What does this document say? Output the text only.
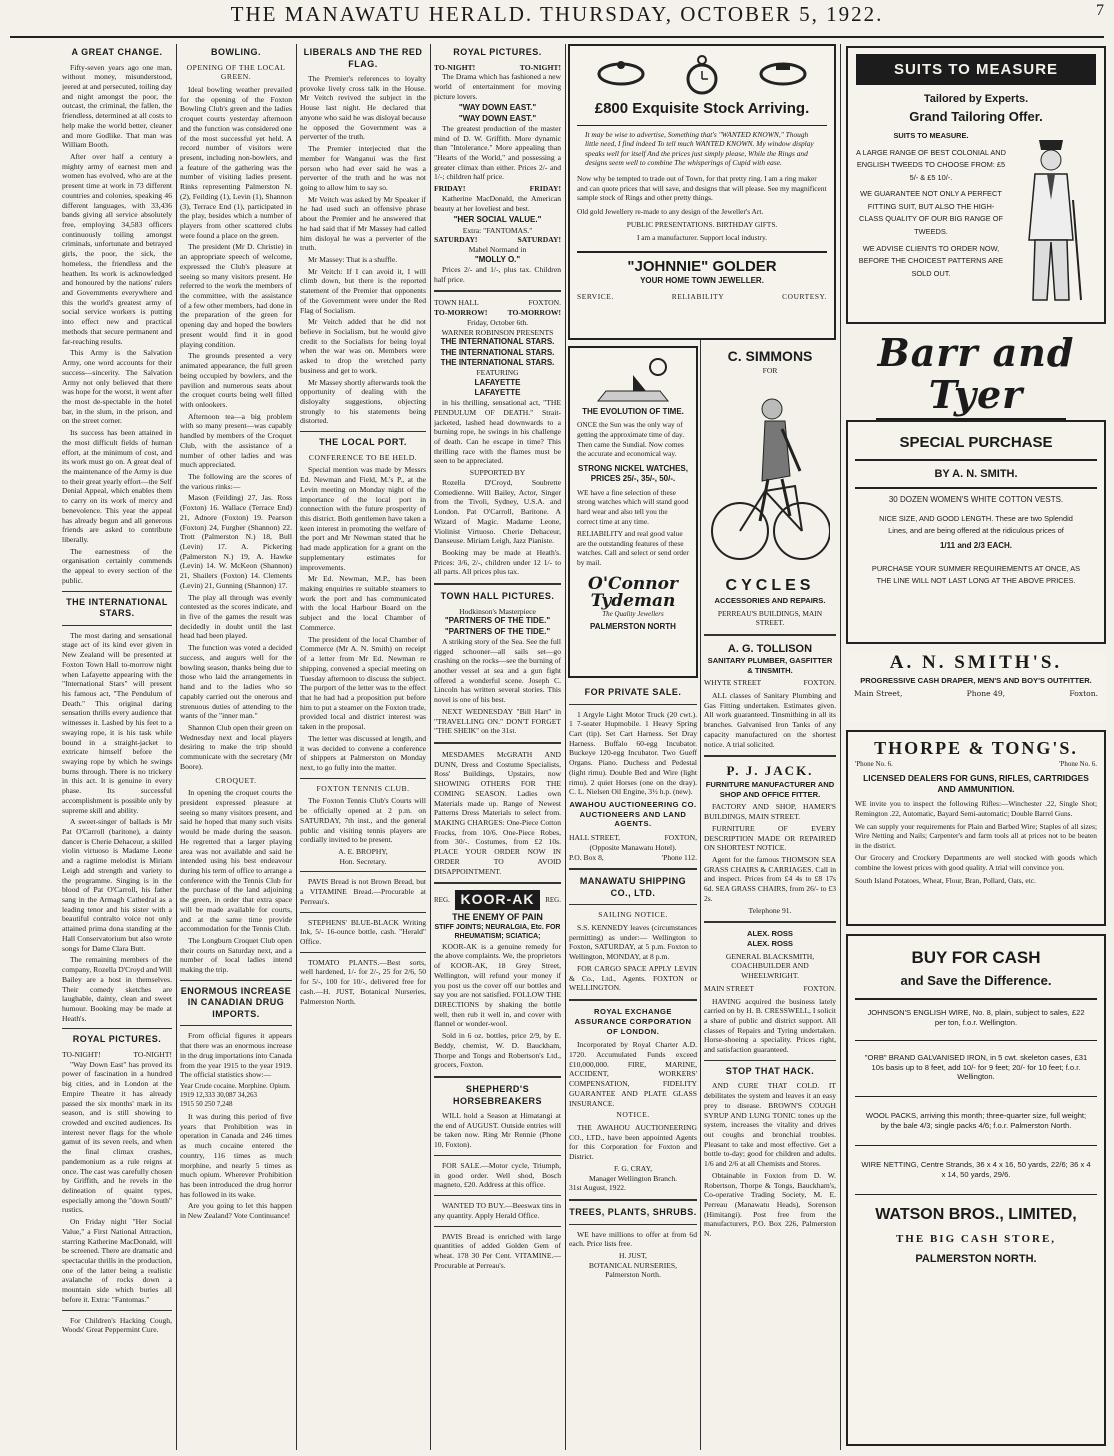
THE MANAWATU HERALD. THURSDAY, OCTOBER 5, 1922.	7
A GREAT CHANGE.

Fifty-seven years ago one man, without money, misunderstood, jeered at and persecuted, toiling day and night amongst the poor, the outcast, the criminal, the fallen, the friendless, determined at all costs to help make the world better, cleaner and more Godlike. That man was William Booth.

After over half a century a mighty army of earnest men and women has evolved, who are at the present time at work in 73 different countries and colonies, speaking 46 different languages, with 33,436 bands giving all service absolutely free, employing 34,583 officers continuously toiling amongst criminals, unfortunate and betrayed girls, the poor, the sick, the homeless, the friendless and the heathen. Its work is acknowledged and honoured by the nations' rulers and Governments everywhere and this the world's greatest army of social service workers is putting into effect new and practical methods that secure permanent and far-reaching results.

This Army is the Salvation Army, one word accounts for their success—sincerity. The Salvation Army not only believed that there was hope for the worst, it went after the most de-spectable in the hotel bar, in the slum, in the prison, and on the street corner.

Its success has been attained in the most difficult fields of human effort, at the minimum of cost, and its work must go on. A great deal of the maintenance of the Army is due to their great yearly effort—the Self Denial Appeal, which enables them to carry on its work of mercy and benevolence. This year the appeal has already begun and all generous friends are asked to contribute liberally.

The earnestness of the organisation certainly commends the appeal to every section of the public.

THE INTERNATIONAL STARS.

The most daring and sensational stage act of its kind ever given in New Zealand will be presented at Foxton Town Hall to-morrow night when Lafayette appearing with the "International Stars" will present his famous act, "The Pendulum of Death." This original daring sensation thrills every audience that witnesses it. Lashed by his feet to a swaying rope, it is his task while bound in a straight-jacket to extricate himself before the swaying rope by which he swings burns through. There is no trickery in this act. It is genuine in every phase. Its successful accomplishment is possible only by supreme skill and ability.

A sweet-singer of ballads is Mr Pat O'Carroll (baritone), a dainty dancer is Cherie Dehaceur, a skilled violin virtuoso is Madame Leone and a ragtime melodist is Miriam Leigh add strength and variety to the programme. Singing is in the blood of Pat O'Carroll, his father sang in the Armagh Cathedral as a leading tenor and his sister with a beautiful contralto voice not only attained prima dona standing at the Hall Conservatorium but also wrote songs for Dame Clara Butt.

The remaining members of the company, Rozella D'Croyd and Will Bailey are a host in themselves. Their comedy sketches are laughable, dainty, clean and sweet humour. Booking may be made at Heath's.

ROYAL PICTURES.
TO-NIGHT!	TO-NIGHT!

"Way Down East" has proved its power of fascination in a hundred big cities, and in London at the Empire Theatre it has already passed the six months' mark in its season, and is still showing to crowded and excited audiences. Its interest never flags for the whole gamut of its seven reels, and when the final climax crashes, pandemonium as a rule reigns at once. The cast was carefully chosen by Griffith, and he revels in the delineation of quaint types, especially among the "down South" rustics.

On Friday night "Her Social Value," a First National Attraction, starring Katherine MacDonald, will be screened. There are dramatic and spectacular thrills in the production, one of the latter being a realistic avalanche of rocks down a mountain side which buries all before it. Extra: "Fantomas."

For Children's Hacking Cough, Woods' Great Peppermint Cure.

BOWLING.
OPENING OF THE LOCAL GREEN.

Ideal bowling weather prevailed for the opening of the Foxton Bowling Club's green and the ladies croquet courts yesterday afternoon and the function was considered one of the most successful yet held. A record number of visitors were present, including non-bowlers, and a feature of the gathering was the number of visiting ladies present. Rinks representing Palmerston N. (2), Feilding (1), Levin (1), Shannon (3), Terrace End (1), participated in the play, besides which a number of players from other scattered clubs were found a place on the green.

The president (Mr D. Christie) in an appropriate speech of welcome, expressed the Club's pleasure at seeing so many visitors present. He referred to the work the members of the committee, with the assistance of a few other members, had done in the preparation of the green for opening day and hoped the bowlers present would find it in good playing condition.

The grounds presented a very animated appearance, the full green being occupied by bowlers, and the pavilion and numerous seats about the croquet courts being well filled with onlookers.

Afternoon tea—a big problem with so many present—was capably handled by members of the Croquet Club, with the assistance of a number of other ladies and was much appreciated.

The following are the scores of the various rinks:—

Mason (Feilding) 27, Jas. Ross (Foxton) 16. Wallace (Terrace End) 21, Adnore (Foxton) 19. Pearson (Foxton) 24, Furgher (Shannon) 22. Trott (Palmerston N.) 18, Bull (Levin) 17. A. Pickering (Palmerston N.) 19, A. Hawke (Levin) 14. W. McKeon (Shannon) 21, Shailers (Foxton) 14. Clements (Levin) 21, Gunning (Shannon) 17.

The play all through was evenly contested as the scores indicate, and in five of the games the result was decidedly in doubt until the last head had been played.

The function was voted a decided success, and augurs well for the bowling season, thanks being due to those who laid the arrangements in hand and to the ladies who so capably carried out the onerous and strenuous duties of attending to the wants of the "inner man."

Shannon Club open their green on Wednesday next and local players desiring to make the trip should communicate with the secretary (Mr Boore).

CROQUET.

In opening the croquet courts the president expressed pleasure at seeing so many visitors present, and said he hoped that many such visits would be made during the season. He regretted that a larger playing area was not available and said he intended using his best endeavour during his term of office to arrange a conference with the Tennis Club for the purchase of the land adjoining the green, in order that extra space will be made available for courts, and at the same time provide accommodation for the Tennis Club.

The Longburn Croquet Club open their courts on Saturday next, and a number of local ladies intend making the trip.

ENORMOUS INCREASE IN CANADIAN DRUG IMPORTS.

From official figures it appears that there was an enormous increase in the drug importations into Canada from the year 1915 to the year 1919. The official statistics show:—

Year Crude cocaine. Morphine. Opium.
1919 12,333 30,087 34,263
1915 50 250 7,248

It was during this period of five years that Prohibition was in operation in Canada and 246 times as much cocaine entered the country, 116 times as much morphine, and nearly 5 times as much opium. Wherever Prohibition has been introduced the drug horror has followed in its wake.

Are you going to let this happen in New Zealand? Vote Continuance!

LIBERALS AND THE RED FLAG.

The Premier's references to loyalty provoke lively cross talk in the House. Mr Veitch revived the subject in the House last night. He declared that anyone who said he was disloyal because he opposed the Government was a perverter of the truth.

The Premier interjected that the member for Wanganui was the first person who had ever said he was a perverter of the truth and he was not going to allow him to say so.

Mr Veitch was asked by Mr Speaker if he had used such an offensive phrase about the Premier and he answered that he had said that if Mr Massey had called him disloyal he was a perverter of the truth.

Mr Massey: That is a shuffle.

Mr Veitch: If I can avoid it, I will climb down, but there is the reported statement of the Premier that opponents of the Government were under the Red Flag of Socialism.

Mr Veitch added that he did not believe in Socialism, but he would give credit to the Socialists for being loyal when the war was on. Members were asked to drop the wretched party business and get to work.

Mr Massey shortly afterwards took the opportunity of dealing with the disloyalty suggestions, objecting strongly to his statements being distorted.

THE LOCAL PORT.
CONFERENCE TO BE HELD.

Special mention was made by Messrs Ed. Newman and Field, M.'s P., at the Levin meeting on Monday night of the importance of the local port in connection with the future prosperity of this district. Both gentlemen have taken a keen interest in promoting the welfare of the port and Mr Newman stated that he had made application for a grant on the supplementary estimates for improvements.

Mr Ed. Newman, M.P., has been making enquiries re suitable steamers to work the port and has communicated with the local Harbour Board on the subject and the local Chamber of Commerce.

The president of the local Chamber of Commerce (Mr A. N. Smith) on receipt of a letter from Mr Ed. Newman re shipping, convened a special meeting on Tuesday afternoon to discuss the subject. The purport of the letter was to the effect that he had had a proposition put before him to put a steamer on the Foxton trade, provided local and district interest was taken in the proposal.

The letter was discussed at length, and it was decided to convene a conference of shippers at Palmerston on Monday next, to go fully into the matter.

FOXTON TENNIS CLUB.

The Foxton Tennis Club's Courts will be officially opened at 2 p.m. on SATURDAY, 7th inst., and the general public and visiting tennis players are cordially invited to be present.

A. E. BROPHY,
Hon. Secretary.

PAVIS Bread is not Brown Bread, but a VITAMINE Bread.—Procurable at Perreau's.

STEPHENS' BLUE-BLACK Writing Ink, 5/- 16-ounce bottle, cash. "Herald" Office.

TOMATO PLANTS.—Best sorts, well hardened, 1/- for 2/-, 25 for 2/6, 50 for 5/-, 100 for 10/-, delivered free for cash.—H. JUST, Botanical Nurseries, Palmerston North.

ROYAL PICTURES.
TO-NIGHT!	TO-NIGHT!

The Drama which has fashioned a new world of entertainment for moving picture lovers.

"WAY DOWN EAST."
"WAY DOWN EAST."

The greatest production of the master mind of D. W. Griffith. More dynamic than "Intolerance." More appealing than "Hearts of the World," and possessing a greater climax than either. Prices 2/- and 1/-; children half price.

FRIDAY!	FRIDAY!

Katherine MacDonald, the American beauty at her loveliest and best.

"HER SOCIAL VALUE."
Extra: "FANTOMAS."
SATURDAY!	SATURDAY!
Mabel Normand in
"MOLLY O."

Prices 2/- and 1/-, plus tax. Children half price.

TOWN HALL	FOXTON.
TO-MORROW!	TO-MORROW!
Friday, October 6th.
WARNER ROBINSON PRESENTS
THE INTERNATIONAL STARS.
THE INTERNATIONAL STARS.
THE INTERNATIONAL STARS.
FEATURING
LAFAYETTE
LAFAYETTE

in his thrilling, sensational act, "THE PENDULUM OF DEATH." Strait-jacketed, lashed head downwards to a burning rope, he swings in his challenge of death. Can he escape in time? This thrilling race with the flames must be seen to be appreciated.

SUPPORTED BY

Rozella D'Croyd, Soubrette Comedienne. Will Bailey, Actor, Singer from the Tivoli, Sydney, U.S.A. and London. Pat O'Carroll, Baritone. A Wizard of Magic. Madame Leone, Violinist Virtuoso. Cherie Dehaceur, Danseuse. Miriam Leigh, Jazz Pianiste.

Booking may be made at Heath's. Prices: 3/6, 2/-, children under 12 1/- to all parts. All prices plus tax.

TOWN HALL PICTURES.
Hodkinson's Masterpiece
"PARTNERS OF THE TIDE."
"PARTNERS OF THE TIDE."

A striking story of the Sea. See the full rigged schooner—all sails set—go crashing on the rocks—see the burning of another vessel at sea and a gun fight offered a wonderful scene. Joseph C. Lincoln has written several stories. This novel is one of his best.

NEXT WEDNESDAY "Bill Hart" in "TRAVELLING ON." DON'T FORGET "THE SHEIK" on the 31st.

MESDAMES McGRATH AND DUNN, Dress and Costume Specialists, Ross' Buildings, Upstairs, now SHOWING OTHERS FOR THE COMING SEASON. Ladies own Materials made up. Range of Newest Patterns Dress Materials to select from. MAKING CHARGES: One-Piece Cotton Frocks, from 10/6. One-Piece Robes, from 30/-. Costumes, from £2 10s. PLACE YOUR ORDER NOW IN ORDER TO AVOID DISAPPOINTMENT.

REG. KOOR-AK	REG.
THE ENEMY OF PAIN
STIFF JOINTS; NEURALGIA, Etc. FOR RHEUMATISM; SCIATICA;

KOOR-AK is a genuine remedy for the above complaints. We, the proprietors of KOOR-AK, 18 Grey Street, Wellington, will refund your money if you post us the cover off our bottles and say you are not satisfied. FOLLOW THE DIRECTIONS by shaking the bottle well, then rub it well in, and cover with flannel or wonder-wool.

Sold in 6 oz. bottles, price 2/9, by E. Beddy, chemist, W. D. Bauckham, Thorpe and Tongs and Robertson's Ltd., grocers, Foxton.

SHEPHERD'S HORSEBREAKERS

WILL hold a Season at Himatangi at the end of AUGUST. Outside entries will be taken now. Ring Mr Rennie (Phone 10, Foxton).

FOR SALE.—Motor cycle, Triumph, in good order. Well shod, Bosch magneto, £20. Address at this office.

WANTED TO BUY.—Beeswax tins in any quantity. Apply Herald Office.

PAVIS Bread is enriched with large quantities of added Golden Gem of wheat. 178 30 Per Cent. VITAMINE.—Procurable at Perreau's.

£800 Exquisite Stock Arriving.
It may be wise to advertise, Something that's "WANTED KNOWN," Though little need, I find indeed To tell much WANTED KNOWN. My window display speaks well for itself And the prices just simply please, While the Rings and designs seem well to combine The whisperings of Cupid with ease.
Now why be tempted to trade out of Town, for that pretty ring. I am a ring maker and can quote prices that will save, and designs that will please. See my magnificent sample stock of Rings and other pretty things.
Old gold Jewellery re-made to any design of the Jeweller's Art.
PUBLIC PRESENTATIONS. BIRTHDAY GIFTS.
I am a manufacturer. Support local industry.
"JOHNNIE" GOLDER
YOUR HOME TOWN JEWELLER.
SERVICE.	RELIABILITY	COURTESY.
THE EVOLUTION OF TIME.
ONCE the Sun was the only way of getting the approximate time of day. Then came the Sundial. Now comes the accurate and economical way.
STRONG NICKEL WATCHES, PRICES 25/-, 35/-, 50/-.
WE have a fine selection of these strong watches which will stand good hard wear and also tell you the correct time at any time.
RELIABILITY and real good value are the outstanding features of these watches. Call and select or send order by mail.
O'Connor
Tydeman
The Quality Jewellers
PALMERSTON NORTH
FOR PRIVATE SALE.

1 Argyle Light Motor Truck (20 cwt.). 1 7-seater Hupmobile. 1 Heavy Spring Cart (tip). Set Cart Harness. Set Dray Harness. Buffalo 60-egg Incubator. Buckeye 120-egg Incubator. Two Gueff Organs. Piano. Duchess and Pedestal (light rimu). Double Bed and Wire (light rimu). 2 quiet Horses (one on the dray). C. L. Nielsen Oil Engine, 3½ h.p. (new).

AWAHOU AUCTIONEERING CO. AUCTIONEERS AND LAND AGENTS.
HALL STREET,	FOXTON,
(Opposite Manawatu Hotel).
P.O. Box 8,	'Phone 112.
MANAWATU SHIPPING CO., LTD.
SAILING NOTICE.

S.S. KENNEDY leaves (circumstances permitting) as under:— Wellington to Foxton, SATURDAY, at 5 p.m. Foxton to Wellington, MONDAY, at 8 p.m.

FOR CARGO SPACE APPLY LEVIN & Co., Ltd., Agents. FOXTON or WELLINGTON.

ROYAL EXCHANGE ASSURANCE CORPORATION OF LONDON.

Incorporated by Royal Charter A.D. 1720. Accumulated Funds exceed £10,000,000. FIRE, MARINE, ACCIDENT, WORKERS' COMPENSATION, FIDELITY GUARANTEE AND PLATE GLASS INSURANCE.

NOTICE.

THE AWAHOU AUCTIONEERING CO., LTD., have been appointed Agents for this Corporation for Foxton and District.

F. G. CRAY,
Manager Wellington Branch.
31st August, 1922.
TREES, PLANTS, SHRUBS.

WE have millions to offer at from 6d each. Price lists free.

H. JUST,
BOTANICAL NURSERIES,
Palmerston North.
C. SIMMONS
FOR
CYCLES
ACCESSORIES AND REPAIRS.
PERREAU'S BUILDINGS, MAIN STREET.
A. G. TOLLISON
SANITARY PLUMBER, GASFITTER & TINSMITH.
WHYTE STREET	FOXTON.

ALL classes of Sanitary Plumbing and Gas Fitting undertaken. Estimates given. All work guaranteed. Tinsmithing in all its branches. Galvanised Iron Tanks of any capacity manufactured on the shortest notice. A trial solicited.

P. J. JACK.
FURNITURE MANUFACTURER AND SHOP AND OFFICE FITTER.

FACTORY AND SHOP, HAMER'S BUILDINGS, MAIN STREET.

FURNITURE OF EVERY DESCRIPTION MADE OR REPAIRED ON SHORTEST NOTICE.

Agent for the famous THOMSON SEA GRASS CHAIRS & CARRIAGES. Call in and inspect. Prices from £4 4s to £8 17s 6d. SEA GRASS CHAIRS, from 26/- to £3 2s.

Telephone 91.
ALEX. ROSS
ALEX. ROSS
GENERAL BLACKSMITH, COACHBUILDER AND WHEELWRIGHT.
MAIN STREET	FOXTON.

HAVING acquired the business lately carried on by H. B. CRESSWELL, I solicit a share of public and district support. All classes of Repairs and Tyring undertaken. Horse-shoeing a speciality. Prices right, and satisfaction guaranteed.

STOP THAT HACK.

AND CURE THAT COLD. IT debilitates the system and leaves it an easy prey to disease. BROWN'S COUGH SYRUP AND LUNG TONIC tones up the system, increases the vitality and drives out coughs and bronchial troubles. Pleasant to take and most effective. Get a bottle to-day; good for children and adults. 1/6 and 2/6 at all Chemists and Stores.

Obtainable in Foxton from D. W. Robertson, Thorpe & Tongs, Bauckham's, Co-operative Trading Society, M. E. Perreau (Manawatu Heads), Sorenson (Himitangi). Post free from the manufacturers, P.O. Box 226, Palmerston N.

SUITS TO MEASURE
Tailored by Experts.
Grand Tailoring Offer.
SUITS TO MEASURE.
A LARGE RANGE OF BEST COLONIAL AND ENGLISH TWEEDS TO CHOOSE FROM: £5 5/- & £5 10/-.
WE GUARANTEE NOT ONLY A PERFECT FITTING SUIT, BUT ALSO THE HIGH-CLASS QUALITY OF OUR BIG RANGE OF TWEEDS.
WE ADVISE CLIENTS TO ORDER NOW, BEFORE THE CHOICEST PATTERNS ARE SOLD OUT.
Barr and Tyer
SPECIAL PURCHASE
BY A. N. SMITH.
30 DOZEN WOMEN'S WHITE COTTON VESTS.
NICE SIZE, AND GOOD LENGTH. These are two Splendid Lines, and are being offered at the ridiculous prices of
1/11 and 2/3 EACH.
PURCHASE YOUR SUMMER REQUIREMENTS AT ONCE, AS THE LINE WILL NOT LAST LONG AT THE ABOVE PRICES.
A. N. SMITH'S.
PROGRESSIVE CASH DRAPER, MEN'S AND BOY'S OUTFITTER.
Main Street,	Phone 49,	Foxton.
THORPE & TONG'S.
'Phone No. 6.	'Phone No. 6.
LICENSED DEALERS FOR GUNS, RIFLES, CARTRIDGES AND AMMUNITION.
WE invite you to inspect the following Rifles:—Winchester .22, Single Shot; Remington .22, Automatic, Bayard Semi-automatic; Double Barrel Guns.
We can supply your requirements for Plain and Barbed Wire; Staples of all sizes; Wire Netting and Nails; Carpenter's and farm tools all at prices not to be beaten in the district.
Our Grocery and Crockery Departments are well stocked with goods which combine the lowest prices with good quality. A trial will convince you.
South Island Potatoes, Wheat, Flour, Bran, Pollard, Oats, etc.
BUY FOR CASH
and Save the Difference.
JOHNSON'S ENGLISH WIRE, No. 8, plain, subject to sales, £22 per ton, f.o.r. Wellington.
"ORB" BRAND GALVANISED IRON, in 5 cwt. skeleton cases, £31 10s basis up to 8 feet, add 10/- for 9 feet; 20/- for 10 feet; f.o.r. Wellington.
WOOL PACKS, arriving this month; three-quarter size, full weight; by the bale 4/3; single packs 4/6; f.o.r. Palmerston North.
WIRE NETTING, Centre Strands, 36 x 4 x 16, 50 yards, 22/6; 36 x 4 x 14, 50 yards, 29/6.
WATSON BROS., LIMITED,
THE BIG CASH STORE,
PALMERSTON NORTH.
